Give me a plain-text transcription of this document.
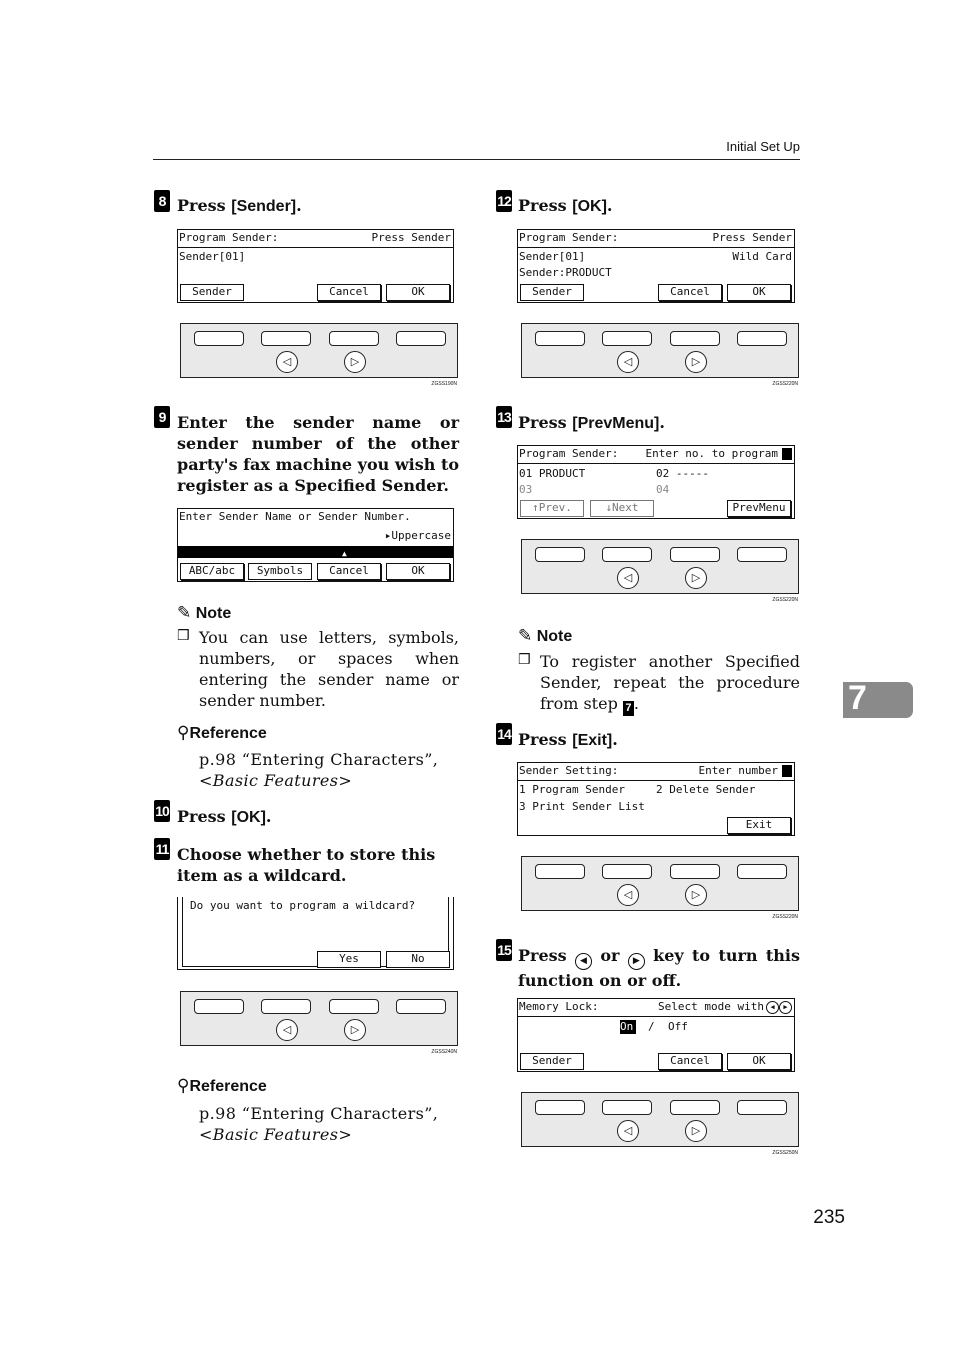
Initial Set Up
7
235
8 Press [Sender].
Program Sender:	Press Sender
Sender[01]
Sender	Cancel	OK
◁	▷
ZGSS190N
9 Enter the sender name or sender number of the other party's fax machine you wish to register as a Specified Sender.
Enter Sender Name or Sender Number.
▸Uppercase
▲
ABC/abc	Symbols	Cancel	OK
✎ Note
❒ You can use letters, symbols, numbers, or spaces when entering the sender name or sender number.
⚲Reference
p.98 “Entering Characters”,
<Basic Features>
10 Press [OK].
11 Choose whether to store this item as a wildcard.
Do you want to program a wildcard?
Yes	No
◁	▷
ZGSS240N
⚲Reference
p.98 “Entering Characters”,
<Basic Features>
12 Press [OK].
Program Sender:	Press Sender
Sender[01]	Wild Card
Sender:PRODUCT
Sender	Cancel	OK
◁	▷
ZGSS220N
13 Press [PrevMenu].
Program Sender:	Enter no. to program
01 PRODUCT	02 -----
03	04
↑Prev.	↓Next	PrevMenu
◁	▷
ZGSS220N
✎ Note
❒ To register another Specified Sender, repeat the procedure from step 7 .
14 Press [Exit].
Sender Setting:	Enter number
1 Program Sender	2 Delete Sender
3 Print Sender List
Exit
◁	▷
ZGSS220N
15 Press ◀ or ▶ key to turn this function on or off.
Memory Lock:	Select mode with ◀	▶
On /	Off
Sender	Cancel	OK
◁	▷
ZGSS250N
